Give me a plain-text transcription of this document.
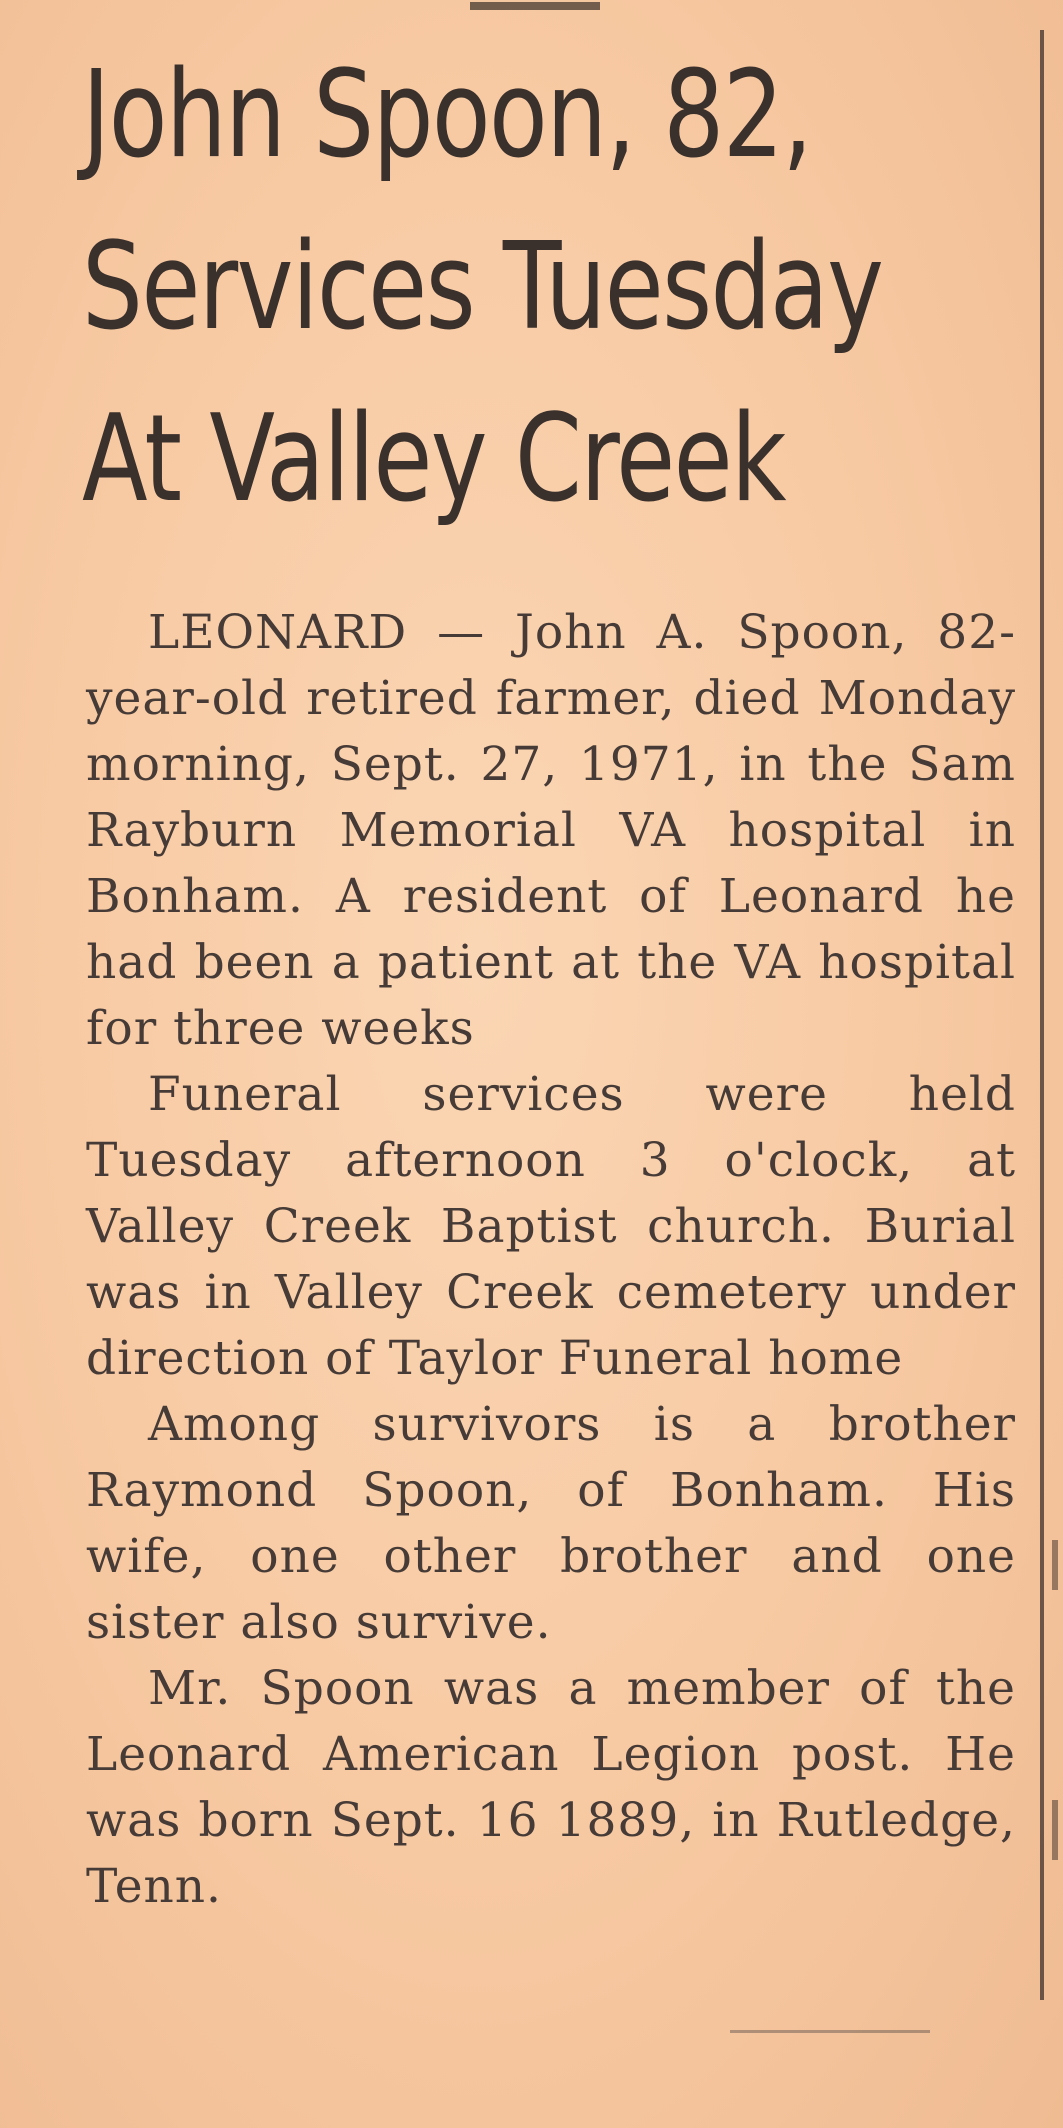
John Spoon, 82,
Services Tuesday
At Valley Creek

LEONARD — John A. Spoon, 82-year-old retired farmer, died Monday morning, Sept. 27, 1971, in the Sam Rayburn Memorial VA hospital in Bonham. A resident of Leonard he had been a patient at the VA hospital for three weeks

Funeral services were held Tuesday afternoon 3 o'clock, at Valley Creek Baptist church. Burial was in Valley Creek cemetery under direction of Taylor Funeral home

Among survivors is a brother Raymond Spoon, of Bonham. His wife, one other brother and one sister also survive.

Mr. Spoon was a member of the Leonard American Legion post. He was born Sept. 16 1889, in Rutledge, Tenn.
